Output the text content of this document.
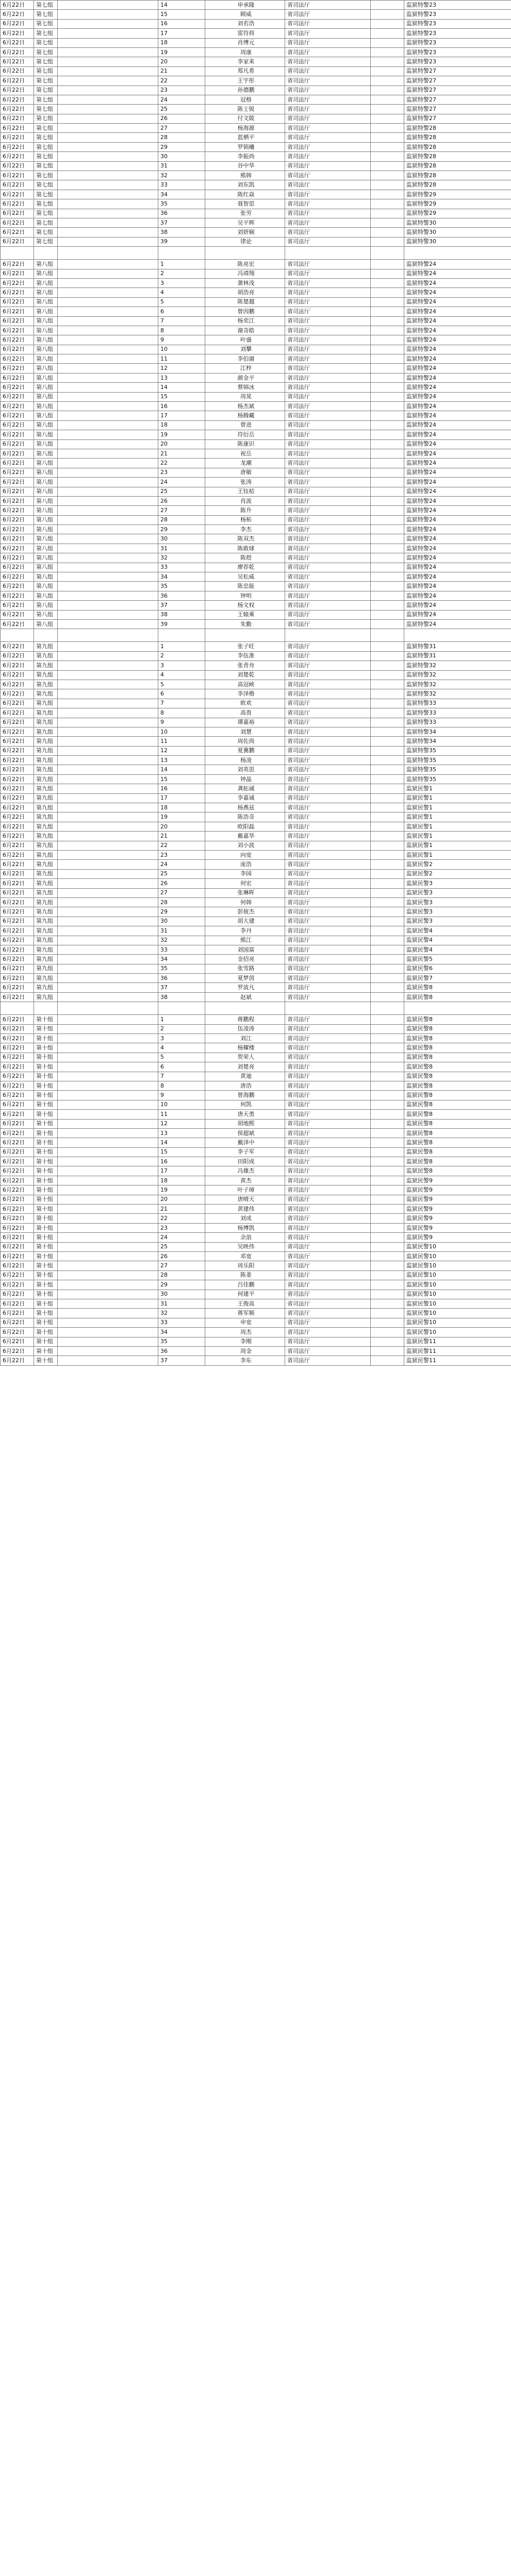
6月22日	第七组		14	申承隆	省司法厅		监狱特警23
6月22日	第七组		15	顾威	省司法厅		监狱特警23
6月22日	第七组		16	刘若浩	省司法厅		监狱特警23
6月22日	第七组		17	雷符荷	省司法厅		监狱特警23
6月22日	第七组		18	肖博元	省司法厅		监狱特警23
6月22日	第七组		19	周康	省司法厅		监狱特警23
6月22日	第七组		20	李家来	省司法厅		监狱特警23
6月22日	第七组		21	郑凡希	省司法厅		监狱特警27
6月22日	第七组		22	王宇彤	省司法厅		监狱特警27
6月22日	第七组		23	孙德鹏	省司法厅		监狱特警27
6月22日	第七组		24	冠格	省司法厅		监狱特警27
6月22日	第七组		25	陈士锐	省司法厅		监狱特警27
6月22日	第七组		26	付文陂	省司法厅		监狱特警27
6月22日	第七组		27	杨海源	省司法厅		监狱特警28
6月22日	第七组		28	蓝栖平	省司法厅		监狱特警28
6月22日	第七组		29	罗锁曦	省司法厅		监狱特警28
6月22日	第七组		30	李振尚	省司法厅		监狱特警28
6月22日	第七组		31	谷中华	省司法厅		监狱特警28
6月22日	第七组		32	熊韩	省司法厅		监狱特警28
6月22日	第七组		33	刘东凯	省司法厅		监狱特警28
6月22日	第七组		34	陈红焱	省司法厅		监狱特警29
6月22日	第七组		35	聂智思	省司法厅		监狱特警29
6月22日	第七组		36	张劳	省司法厅		监狱特警29
6月22日	第七组		37	吴平辉	省司法厅		监狱特警30
6月22日	第七组		38	刘妍娴	省司法厅		监狱特警30
6月22日	第七组		39	律论	省司法厅		监狱特警30

6月22日	第八组		1	陈亮宏	省司法厅		监狱特警24
6月22日	第八组		2	冯靖翔	省司法厅		监狱特警24
6月22日	第八组		3	萧林茂	省司法厅		监狱特警24
6月22日	第八组		4	胡浩亮	省司法厅		监狱特警24
6月22日	第八组		5	陈楚越	省司法厅		监狱特警24
6月22日	第八组		6	曾因鹏	省司法厅		监狱特警24
6月22日	第八组		7	杨奕江	省司法厅		监狱特警24
6月22日	第八组		8	谢奇皓	省司法厅		监狱特警24
6月22日	第八组		9	叶盛	省司法厅		监狱特警24
6月22日	第八组		10	刘攀	省司法厅		监狱特警24
6月22日	第八组		11	李伯谢	省司法厅		监狱特警24
6月22日	第八组		12	江梓	省司法厅		监狱特警24
6月22日	第八组		13	颜金平	省司法厅		监狱特警24
6月22日	第八组		14	蔡锦冰	省司法厅		监狱特警24
6月22日	第八组		15	周晃	省司法厅		监狱特警24
6月22日	第八组		16	杨杰斌	省司法厅		监狱特警24
6月22日	第八组		17	杨腾藏	省司法厅		监狱特警24
6月22日	第八组		18	曾进	省司法厅		监狱特警24
6月22日	第八组		19	符衍岳	省司法厅		监狱特警24
6月22日	第八组		20	陈康识	省司法厅		监狱特警24
6月22日	第八组		21	祝岳	省司法厅		监狱特警24
6月22日	第八组		22	龙潮	省司法厅		监狱特警24
6月22日	第八组		23	唐敏	省司法厅		监狱特警24
6月22日	第八组		24	张涛	省司法厅		监狱特警24
6月22日	第八组		25	王钰桔	省司法厅		监狱特警24
6月22日	第八组		26	肖波	省司法厅		监狱特警24
6月22日	第八组		27	陈升	省司法厅		监狱特警24
6月22日	第八组		28	杨柘	省司法厅		监狱特警24
6月22日	第八组		29	李杰	省司法厅		监狱特警24
6月22日	第八组		30	陈双杰	省司法厅		监狱特警24
6月22日	第八组		31	陈敢球	省司法厅		监狱特警24
6月22日	第八组		32	陈煜	省司法厅		监狱特警24
6月22日	第八组		33	廖荐乾	省司法厅		监狱特警24
6月22日	第八组		34	吴松威	省司法厅		监狱特警24
6月22日	第八组		35	陈忠能	省司法厅		监狱特警24
6月22日	第八组		36	钟明	省司法厅		监狱特警24
6月22日	第八组		37	杨文权	省司法厅		监狱特警24
6月22日	第八组		38	王辕乘	省司法厅		监狱特警24
6月22日	第八组		39	朱勤	省司法厅		监狱特警24

6月22日	第九组		1	张子旺	省司法厅		监狱特警31
6月22日	第九组		2	李伍淮	省司法厅		监狱特警31
6月22日	第九组		3	张青舟	省司法厅		监狱特警32
6月22日	第九组		4	刘楚乾	省司法厅		监狱特警32
6月22日	第九组		5	高冠峡	省司法厅		监狱特警32
6月22日	第九组		6	李泽楷	省司法厅		监狱特警32
6月22日	第九组		7	欧欢	省司法厅		监狱特警33
6月22日	第九组		8	高贵	省司法厅		监狱特警33
6月22日	第九组		9	谭嘉裕	省司法厅		监狱特警33
6月22日	第九组		10	刘慧	省司法厅		监狱特警34
6月22日	第九组		11	周佐尚	省司法厅		监狱特警34
6月22日	第九组		12	夏冀鹏	省司法厅		监狱特警35
6月22日	第九组		13	杨凌	省司法厅		监狱特警35
6月22日	第九组		14	刘英思	省司法厅		监狱特警35
6月22日	第九组		15	钟晶	省司法厅		监狱特警35
6月22日	第九组		16	龚拓诚	省司法厅		监狱民警1
6月22日	第九组		17	李嘉诚	省司法厅		监狱民警1
6月22日	第九组		18	杨燕兹	省司法厅		监狱民警1
6月22日	第九组		19	陈浩奇	省司法厅		监狱民警1
6月22日	第九组		20	欧阳磊	省司法厅		监狱民警1
6月22日	第九组		21	戴嘉华	省司法厅		监狱民警1
6月22日	第九组		22	刘小波	省司法厅		监狱民警1
6月22日	第九组		23	向宽	省司法厅		监狱民警1
6月22日	第九组		24	庞浩	省司法厅		监狱民警2
6月22日	第九组		25	李园	省司法厅		监狱民警2
6月22日	第九组		26	何宏	省司法厅		监狱民警3
6月22日	第九组		27	张琳晖	省司法厅		监狱民警3
6月22日	第九组		28	何韩	省司法厅		监狱民警3
6月22日	第九组		29	彭彼杰	省司法厅		监狱民警3
6月22日	第九组		30	胡大建	省司法厅		监狱民警3
6月22日	第九组		31	李丹	省司法厅		监狱民警4
6月22日	第九组		32	熊江	省司法厅		监狱民警4
6月22日	第九组		33	刘国富	省司法厅		监狱民警4
6月22日	第九组		34	金招亮	省司法厅		监狱民警5
6月22日	第九组		35	张雪路	省司法厅		监狱民警6
6月22日	第九组		36	夏梦茵	省司法厅		监狱民警7
6月22日	第九组		37	罗波凡	省司法厅		监狱民警8
6月22日	第九组		38	赵斌	省司法厅		监狱民警8

6月22日	第十组		1	蒋鹏程	省司法厅		监狱民警8
6月22日	第十组		2	伍凌涛	省司法厅		监狱民警8
6月22日	第十组		3	刘江	省司法厅		监狱民警8
6月22日	第十组		4	杨耀楼	省司法厅		监狱民警8
6月22日	第十组		5	贺荣人	省司法厅		监狱民警8
6月22日	第十组		6	刘楚亮	省司法厅		监狱民警8
6月22日	第十组		7	黄迪	省司法厅		监狱民警8
6月22日	第十组		8	唐浩	省司法厅		监狱民警8
6月22日	第十组		9	曾海鹏	省司法厅		监狱民警8
6月22日	第十组		10	何凯	省司法厅		监狱民警8
6月22日	第十组		11	唐天勇	省司法厅		监狱民警8
6月22日	第十组		12	胡地熙	省司法厅		监狱民警8
6月22日	第十组		13	侯超斌	省司法厅		监狱民警8
6月22日	第十组		14	戴泽中	省司法厅		监狱民警8
6月22日	第十组		15	李子军	省司法厅		监狱民警8
6月22日	第十组		16	田阳成	省司法厅		监狱民警8
6月22日	第十组		17	冯雄杰	省司法厅		监狱民警8
6月22日	第十组		18	黄杰	省司法厅		监狱民警9
6月22日	第十组		19	叶子璋	省司法厅		监狱民警9
6月22日	第十组		20	唐晴天	省司法厅		监狱民警9
6月22日	第十组		21	黄建伟	省司法厅		监狱民警9
6月22日	第十组		22	刘成	省司法厅		监狱民警9
6月22日	第十组		23	杨博凯	省司法厅		监狱民警9
6月22日	第十组		24	余浪	省司法厅		监狱民警9
6月22日	第十组		25	吴映伟	省司法厅		监狱民警10
6月22日	第十组		26	邓宽	省司法厅		监狱民警10
6月22日	第十组		27	周乐阳	省司法厅		监狱民警10
6月22日	第十组		28	陈姜	省司法厅		监狱民警10
6月22日	第十组		29	吕佳鹏	省司法厅		监狱民警10
6月22日	第十组		30	何建平	省司法厅		监狱民警10
6月22日	第十组		31	王俊高	省司法厅		监狱民警10
6月22日	第十组		32	蒋军顺	省司法厅		监狱民警10
6月22日	第十组		33	申宽	省司法厅		监狱民警10
6月22日	第十组		34	周杰	省司法厅		监狱民警10
6月22日	第十组		35	李刚	省司法厅		监狱民警11
6月22日	第十组		36	周金	省司法厅		监狱民警11
6月22日	第十组		37	李东	省司法厅		监狱民警11
